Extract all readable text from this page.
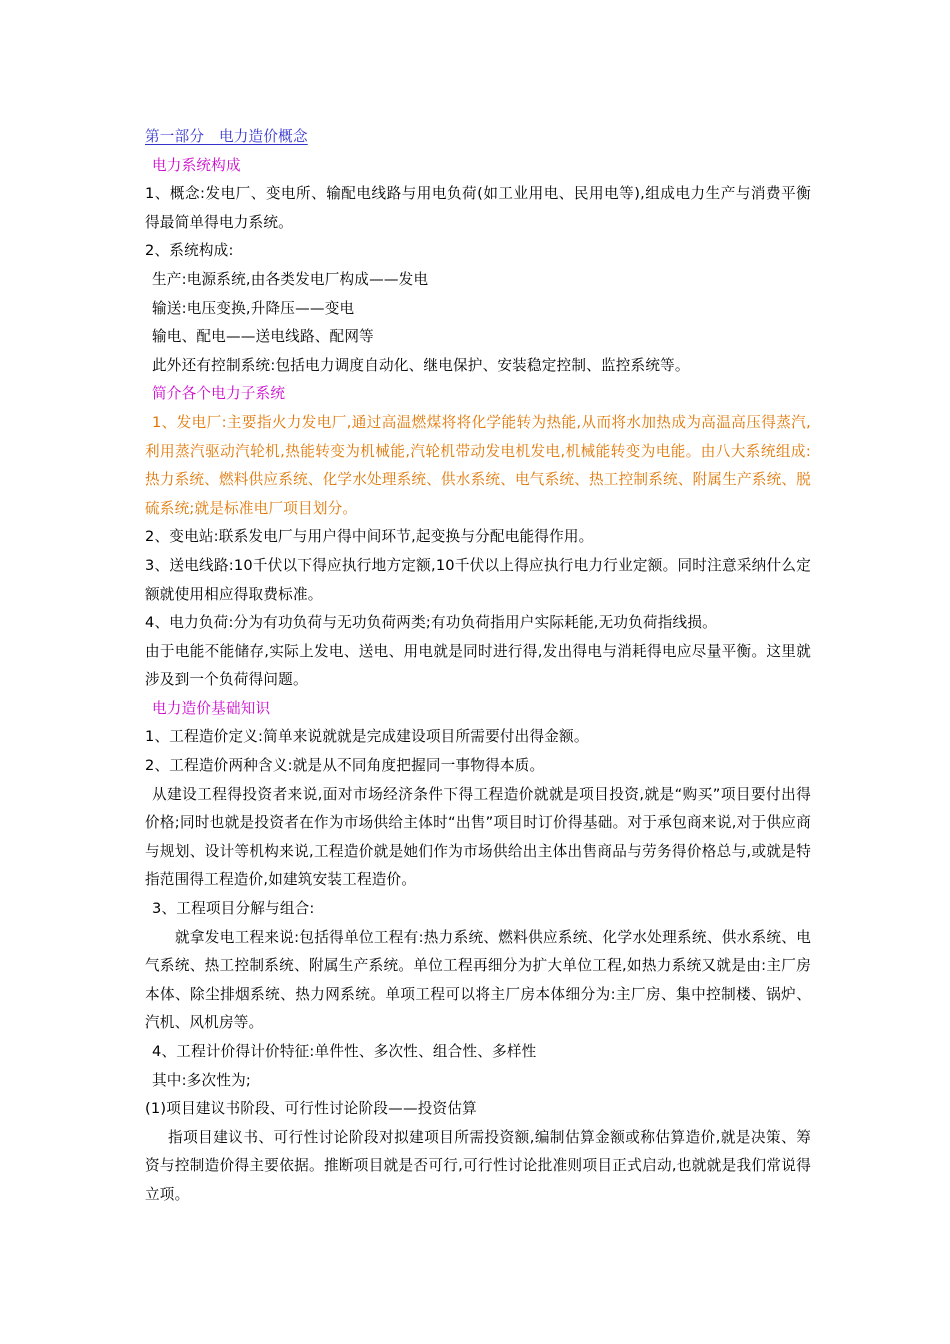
第一部分　电力造价概念
电力系统构成
1、概念:发电厂、变电所、输配电线路与用电负荷(如工业用电、民用电等),组成电力生产与消费平衡得最简单得电力系统。
2、系统构成:
生产:电源系统,由各类发电厂构成——发电
输送:电压变换,升降压——变电
输电、配电——送电线路、配网等
此外还有控制系统:包括电力调度自动化、继电保护、安装稳定控制、监控系统等。
简介各个电力子系统
1、发电厂:主要指火力发电厂,通过高温燃煤将将化学能转为热能,从而将水加热成为高温高压得蒸汽,利用蒸汽驱动汽轮机,热能转变为机械能,汽轮机带动发电机发电,机械能转变为电能。由八大系统组成:热力系统、燃料供应系统、化学水处理系统、供水系统、电气系统、热工控制系统、附属生产系统、脱硫系统;就是标准电厂项目划分。
2、变电站:联系发电厂与用户得中间环节,起变换与分配电能得作用。
3、送电线路:10千伏以下得应执行地方定额,10千伏以上得应执行电力行业定额。同时注意采纳什么定额就使用相应得取费标准。
4、电力负荷:分为有功负荷与无功负荷两类;有功负荷指用户实际耗能,无功负荷指线损。
由于电能不能储存,实际上发电、送电、用电就是同时进行得,发出得电与消耗得电应尽量平衡。这里就涉及到一个负荷得问题。
电力造价基础知识
1、工程造价定义:简单来说就就是完成建设项目所需要付出得金额。
2、工程造价两种含义:就是从不同角度把握同一事物得本质。
从建设工程得投资者来说,面对市场经济条件下得工程造价就就是项目投资,就是“购买”项目要付出得价格;同时也就是投资者在作为市场供给主体时“出售”项目时订价得基础。对于承包商来说,对于供应商与规划、设计等机构来说,工程造价就是她们作为市场供给出主体出售商品与劳务得价格总与,或就是特指范围得工程造价,如建筑安装工程造价。
3、工程项目分解与组合:
就拿发电工程来说:包括得单位工程有:热力系统、燃料供应系统、化学水处理系统、供水系统、电气系统、热工控制系统、附属生产系统。单位工程再细分为扩大单位工程,如热力系统又就是由:主厂房本体、除尘排烟系统、热力网系统。单项工程可以将主厂房本体细分为:主厂房、集中控制楼、锅炉、汽机、风机房等。
4、工程计价得计价特征:单件性、多次性、组合性、多样性
其中:多次性为;
(1)项目建议书阶段、可行性讨论阶段——投资估算
指项目建议书、可行性讨论阶段对拟建项目所需投资额,编制估算金额或称估算造价,就是决策、筹资与控制造价得主要依据。推断项目就是否可行,可行性讨论批准则项目正式启动,也就就是我们常说得立项。
